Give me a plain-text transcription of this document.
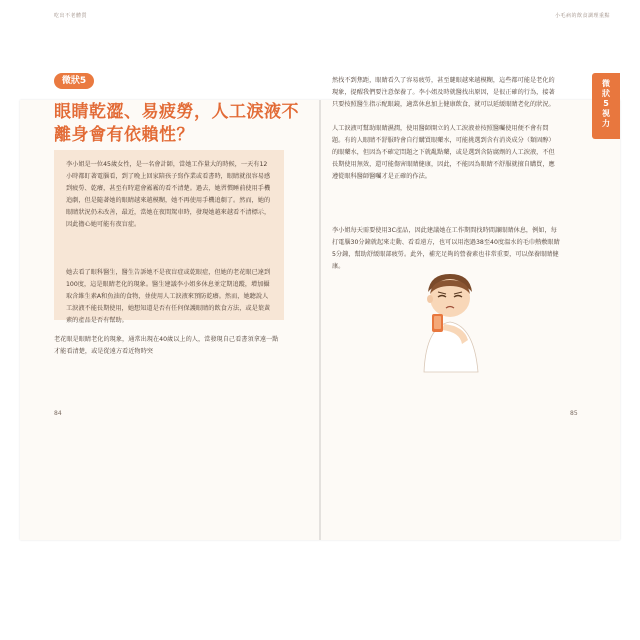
吃出不老體質	小毛病的飲食調理重點
微狀5
眼睛乾澀、易疲勞，人工淚液不
離身會有依賴性？

李小姐是一位45歲女性，是一名會計師，當她工作量大的時候，一天有12小時都盯著電腦看，到了晚上回家陪孩子寫作業或看書時，眼睛就很容易感到疲勞、乾癢，甚至有時還會霧霧的看不清楚。過去，她習慣睡前使用手機追劇，但是隨著她的眼睛越來越模糊，她不再使用手機追劇了。然而，她的眼睛狀況仍未改善，最近，當她在夜間駕車時，發現她越來越看不清標示，因此擔心她可能有夜盲症。

她去看了眼科醫生，醫生告訴她不是夜盲症或乾眼症，但她的老花眼已達到100度，這是眼睛老化的現象。醫生建議李小姐多休息並定期追蹤，增加攝取含維生素A和魚油的食物，並使用人工淚液來預防乾癢。然而，她聽說人工淚液不能長期使用，她想知道是否有任何保護眼睛的飲食方法，或是葉黃素的產品是否有幫助。

老花眼是眼睛老化的現象，通常出現在40歲以上的人，當發現自己看書須拿遠一點才能看清楚，或是從遠方看近物時突

然找不到焦距，眼睛看久了容易疲勞，甚至瞇眼越來越模糊，這些都可能是老化的現象，提醒我們要注意保養了。李小姐及時就醫找出原因，是很正確的行為，接著只要按照醫生指示配眼鏡，適當休息加上健康飲食，就可以延緩眼睛老化的狀況。

人工淚液可幫助眼睛濕潤，使用醫師開立的人工淚液並按照醫囑使用便不會有問題。有的人眼睛不舒服時會自行購買眼藥水，可能挑選到含有消炎成分（類固醇）的眼藥水，但因為不確定問題之下就亂點藥，或是選到含防腐劑的人工淚液，不但長期使用無效，還可能傷害眼睛健康，因此，不能因為眼睛不舒服就擅自購買，應遵從眼科醫師醫囑才是正確的作法。

李小姐每天需要使用3C產品，因此建議她在工作期間找時間讓眼睛休息，例如，每打電腦30分鐘就起來走動、看看遠方，也可以用泡過38至40度溫水的毛巾熱敷眼睛5分鐘，幫助舒緩眼部疲勞。此外，補充足夠的營養素也非常重要，可以保養眼睛健康。

微狀5
視力
84	85
